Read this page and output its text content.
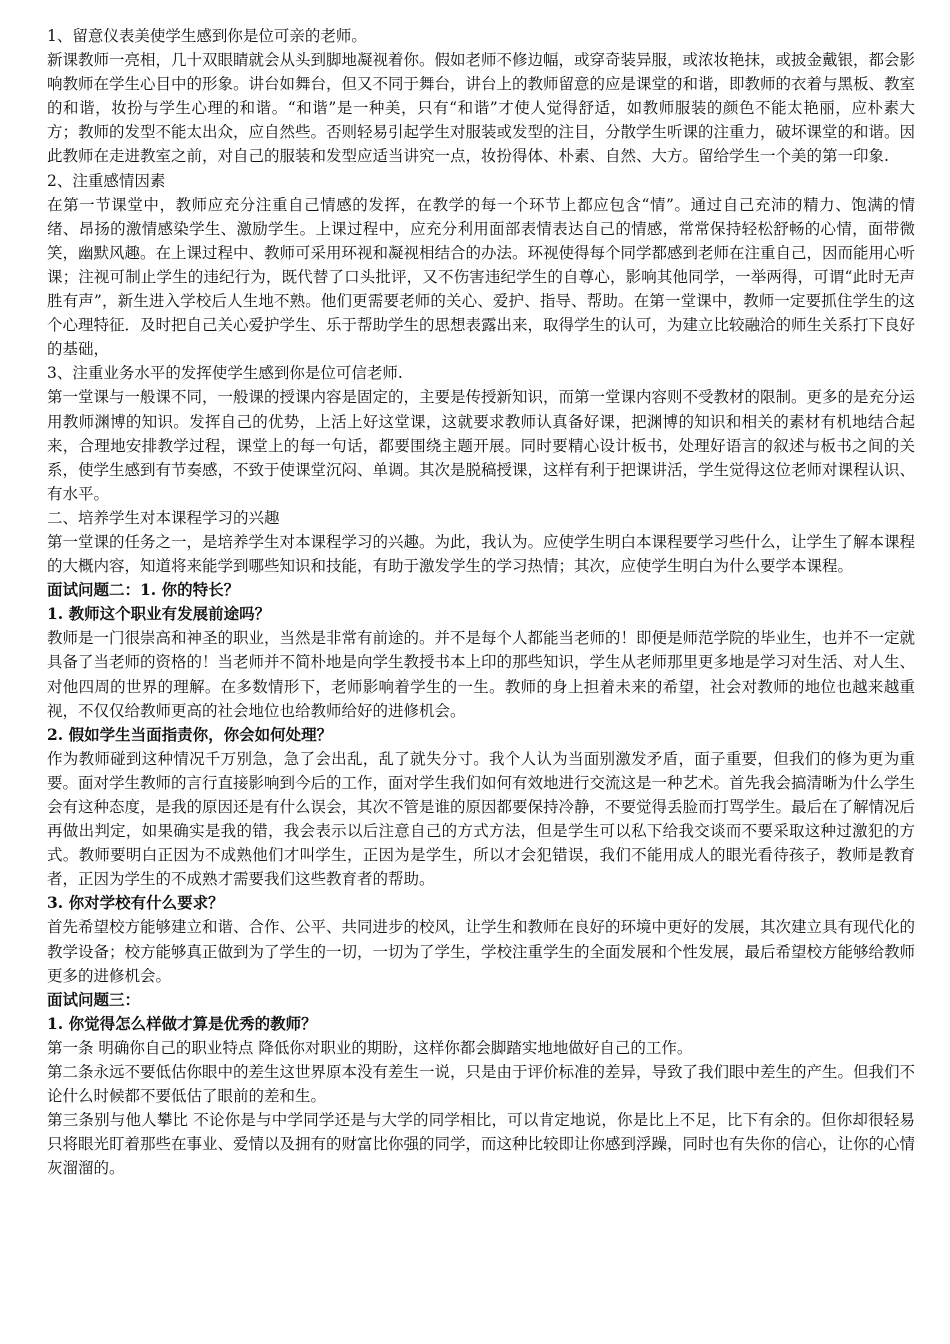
1、留意仪表美使学生感到你是位可亲的老师。

新课教师一亮相，几十双眼睛就会从头到脚地凝视着你。假如老师不修边幅，或穿奇装异服，或浓妆艳抹，或披金戴银，都会影响教师在学生心目中的形象。讲台如舞台，但又不同于舞台，讲台上的教师留意的应是课堂的和谐，即教师的衣着与黑板、教室的和谐，妆扮与学生心理的和谐。“和谐”是一种美，只有“和谐”才使人觉得舒适，如教师服装的颜色不能太艳丽，应朴素大方；教师的发型不能太出众，应自然些。否则轻易引起学生对服装或发型的注目，分散学生听课的注重力，破坏课堂的和谐。因此教师在走进教室之前，对自己的服装和发型应适当讲究一点，妆扮得体、朴素、自然、大方。留给学生一个美的第一印象.

2、注重感情因素

在第一节课堂中，教师应充分注重自己情感的发挥，在教学的每一个环节上都应包含“情”。通过自己充沛的精力、饱满的情绪、昂扬的激情感染学生、激励学生。上课过程中，应充分利用面部表情表达自己的情感，常常保持轻松舒畅的心情，面带微笑，幽默风趣。在上课过程中、教师可采用环视和凝视相结合的办法。环视使得每个同学都感到老师在注重自己，因而能用心听课；注视可制止学生的违纪行为，既代替了口头批评，又不伤害违纪学生的自尊心，影响其他同学，一举两得，可谓“此时无声胜有声”，新生进入学校后人生地不熟。他们更需要老师的关心、爱护、指导、帮助。在第一堂课中，教师一定要抓住学生的这个心理特征．及时把自己关心爱护学生、乐于帮助学生的思想表露出来，取得学生的认可，为建立比较融洽的师生关系打下良好的基础，

3、注重业务水平的发挥使学生感到你是位可信老师.

第一堂课与一般课不同，一般课的授课内容是固定的，主要是传授新知识，而第一堂课内容则不受教材的限制。更多的是充分运用教师渊博的知识。发挥自己的优势，上活上好这堂课，这就要求教师认真备好课，把渊博的知识和相关的素材有机地结合起来，合理地安排教学过程，课堂上的每一句话，都要围绕主题开展。同时要精心设计板书，处理好语言的叙述与板书之间的关系，使学生感到有节奏感，不致于使课堂沉闷、单调。其次是脱稿授课，这样有利于把课讲活，学生觉得这位老师对课程认识、有水平。

二、培养学生对本课程学习的兴趣

第一堂课的任务之一，是培养学生对本课程学习的兴趣。为此，我认为。应使学生明白本课程要学习些什么，让学生了解本课程的大概内容，知道将来能学到哪些知识和技能，有助于激发学生的学习热情；其次，应使学生明白为什么要学本课程。

面试问题二：1. 你的特长？

1. 教师这个职业有发展前途吗？

教师是一门很崇高和神圣的职业，当然是非常有前途的。并不是每个人都能当老师的！即便是师范学院的毕业生，也并不一定就具备了当老师的资格的！当老师并不简朴地是向学生教授书本上印的那些知识，学生从老师那里更多地是学习对生活、对人生、对他四周的世界的理解。在多数情形下，老师影响着学生的一生。教师的身上担着未来的希望，社会对教师的地位也越来越重视，不仅仅给教师更高的社会地位也给教师给好的进修机会。

2. 假如学生当面指责你，你会如何处理？

作为教师碰到这种情况千万别急，急了会出乱，乱了就失分寸。我个人认为当面别激发矛盾，面子重要，但我们的修为更为重要。面对学生教师的言行直接影响到今后的工作，面对学生我们如何有效地进行交流这是一种艺术。首先我会搞清晰为什么学生会有这种态度，是我的原因还是有什么误会，其次不管是谁的原因都要保持冷静，不要觉得丢脸而打骂学生。最后在了解情况后再做出判定，如果确实是我的错，我会表示以后注意自己的方式方法，但是学生可以私下给我交谈而不要采取这种过激犯的方式。教师要明白正因为不成熟他们才叫学生，正因为是学生，所以才会犯错误，我们不能用成人的眼光看待孩子，教师是教育者，正因为学生的不成熟才需要我们这些教育者的帮助。

3. 你对学校有什么要求？

首先希望校方能够建立和谐、合作、公平、共同进步的校风，让学生和教师在良好的环境中更好的发展，其次建立具有现代化的教学设备；校方能够真正做到为了学生的一切，一切为了学生，学校注重学生的全面发展和个性发展，最后希望校方能够给教师更多的进修机会。

面试问题三：

1. 你觉得怎么样做才算是优秀的教师？

第一条 明确你自己的职业特点 降低你对职业的期盼，这样你都会脚踏实地地做好自己的工作。

第二条永远不要低估你眼中的差生这世界原本没有差生一说，只是由于评价标准的差异，导致了我们眼中差生的产生。但我们不论什么时候都不要低估了眼前的差和生。

第三条别与他人攀比 不论你是与中学同学还是与大学的同学相比，可以肯定地说，你是比上不足，比下有余的。但你却很轻易只将眼光盯着那些在事业、爱情以及拥有的财富比你强的同学，而这种比较即让你感到浮躁，同时也有失你的信心，让你的心情灰溜溜的。
